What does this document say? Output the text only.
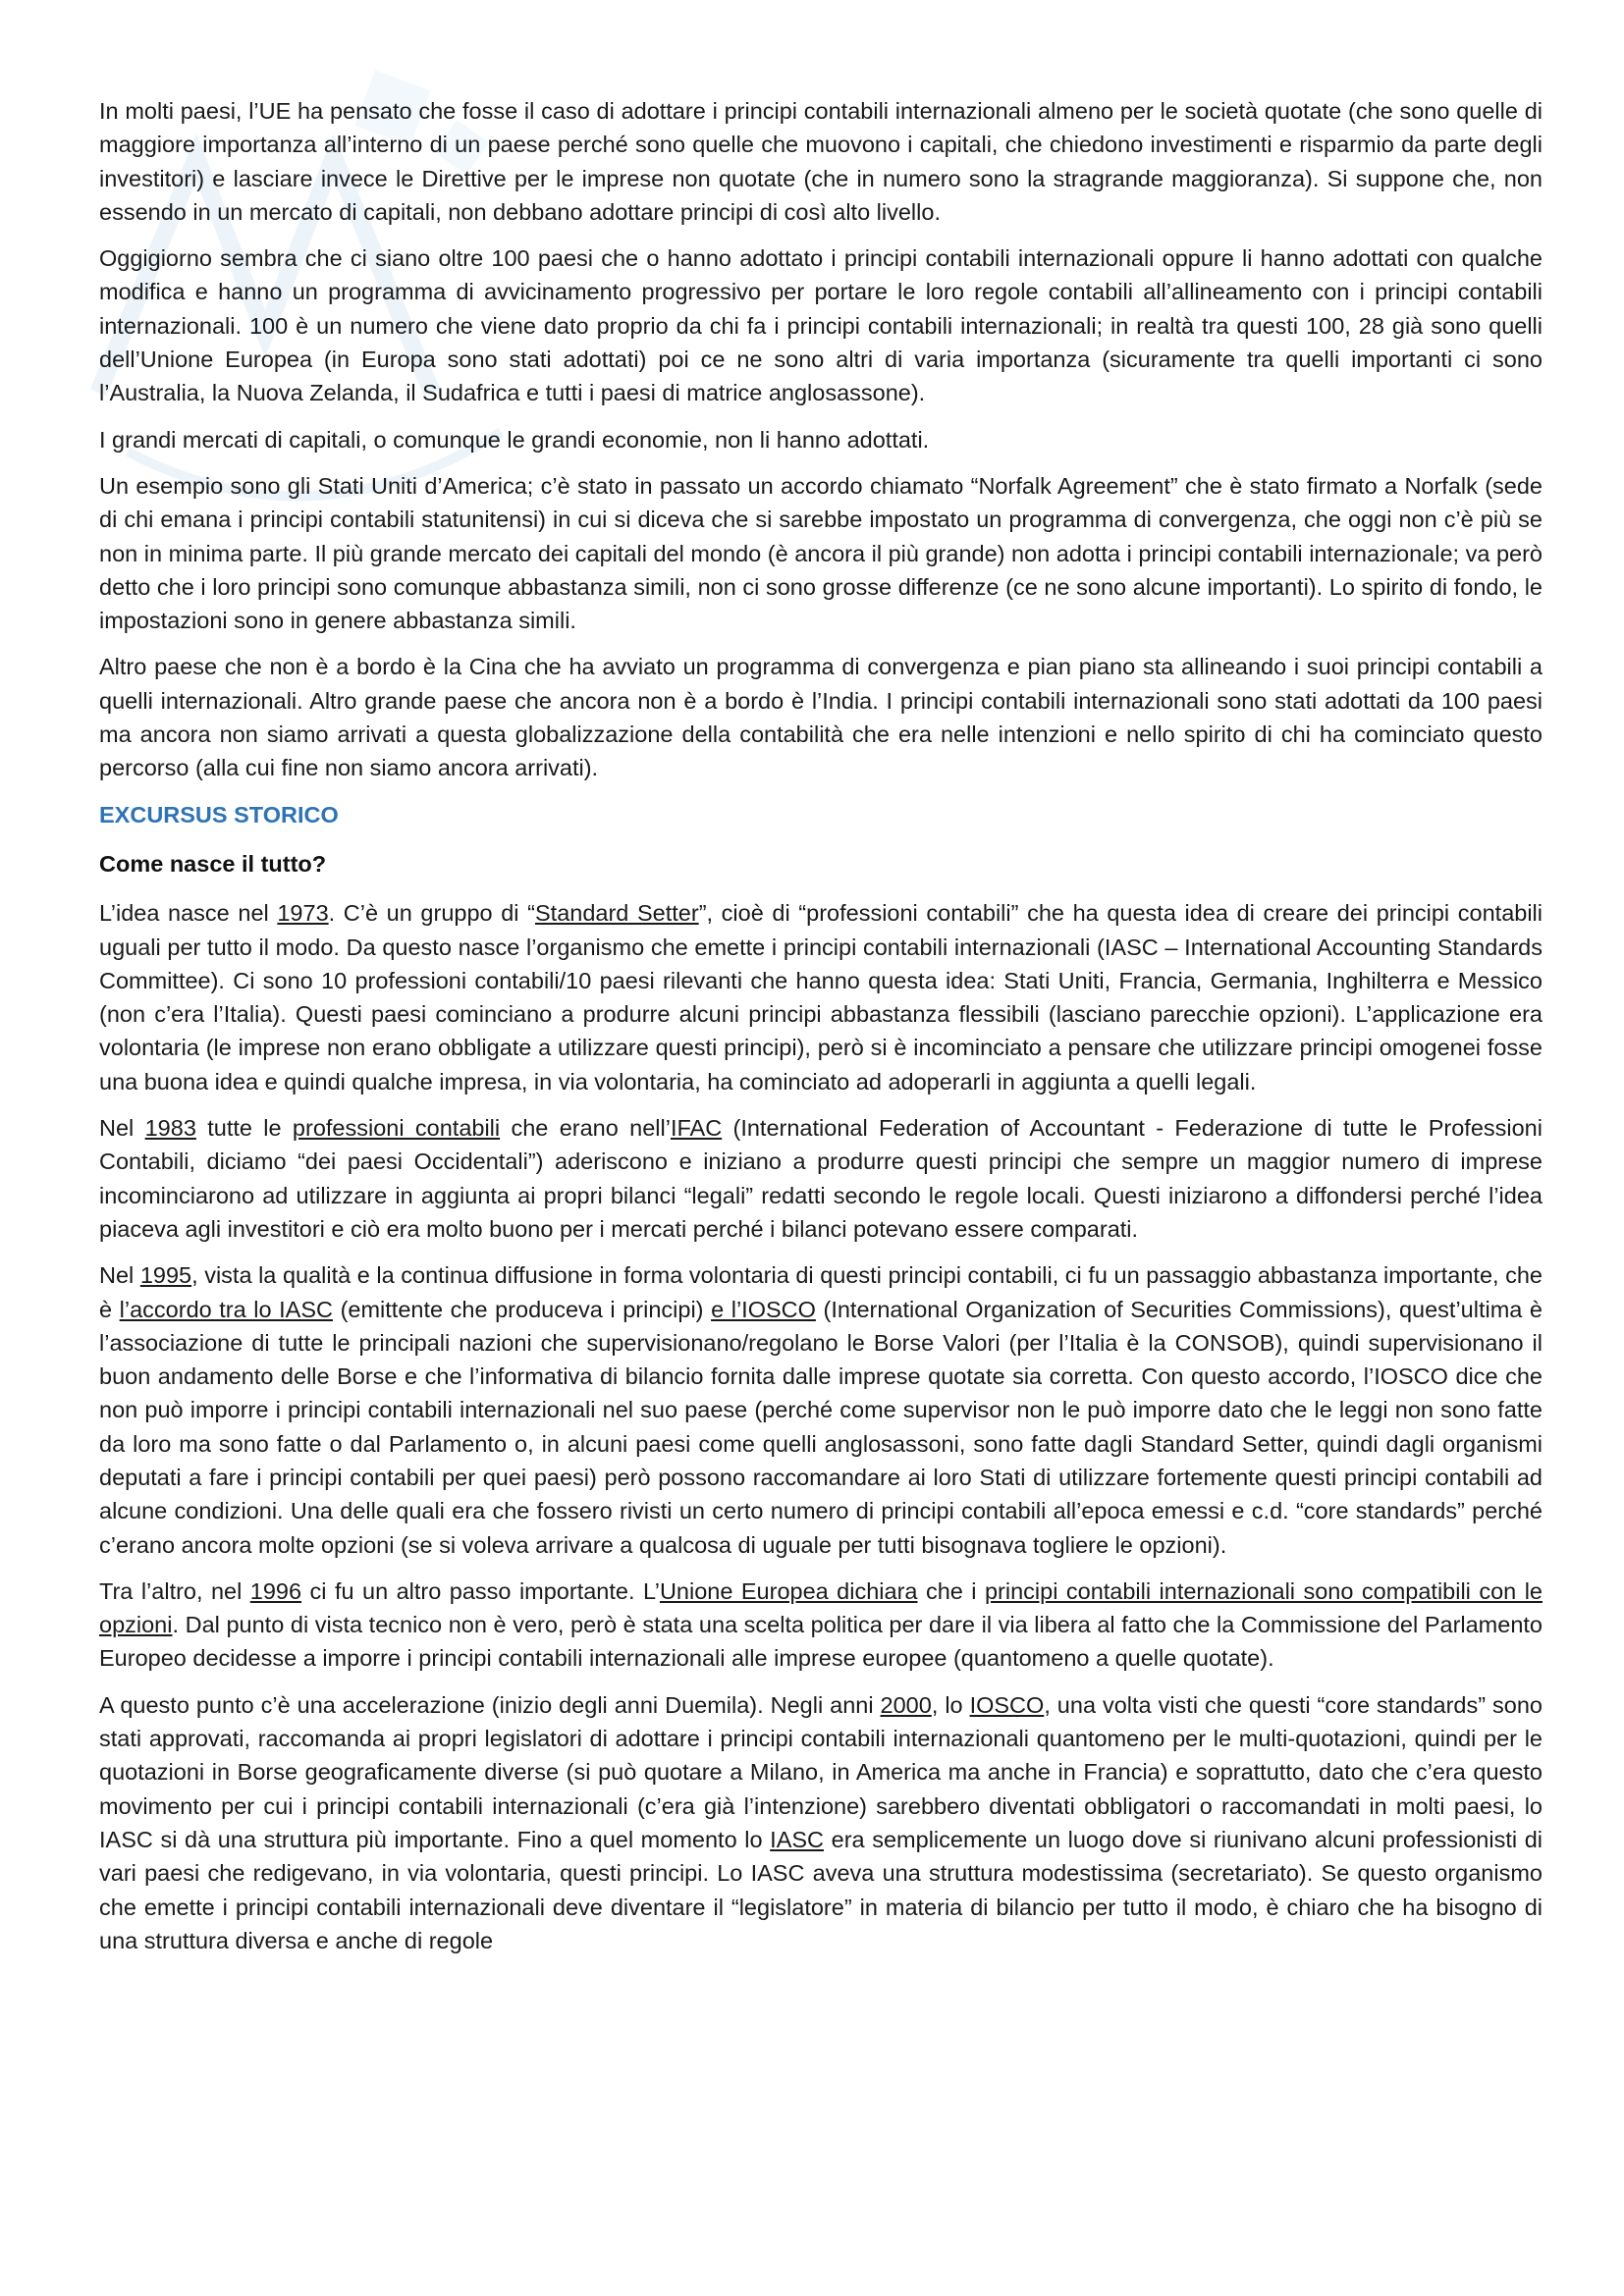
In molti paesi, l’UE ha pensato che fosse il caso di adottare i principi contabili internazionali almeno per le società quotate (che sono quelle di maggiore importanza all’interno di un paese perché sono quelle che muovono i capitali, che chiedono investimenti e risparmio da parte degli investitori) e lasciare invece le Direttive per le imprese non quotate (che in numero sono la stragrande maggioranza). Si suppone che, non essendo in un mercato di capitali, non debbano adottare principi di così alto livello.

Oggigiorno sembra che ci siano oltre 100 paesi che o hanno adottato i principi contabili internazionali oppure li hanno adottati con qualche modifica e hanno un programma di avvicinamento progressivo per portare le loro regole contabili all’allineamento con i principi contabili internazionali. 100 è un numero che viene dato proprio da chi fa i principi contabili internazionali; in realtà tra questi 100, 28 già sono quelli dell’Unione Europea (in Europa sono stati adottati) poi ce ne sono altri di varia importanza (sicuramente tra quelli importanti ci sono l’Australia, la Nuova Zelanda, il Sudafrica e tutti i paesi di matrice anglosassone).

I grandi mercati di capitali, o comunque le grandi economie, non li hanno adottati.

Un esempio sono gli Stati Uniti d’America; c’è stato in passato un accordo chiamato “Norfalk Agreement” che è stato firmato a Norfalk (sede di chi emana i principi contabili statunitensi) in cui si diceva che si sarebbe impostato un programma di convergenza, che oggi non c’è più se non in minima parte. Il più grande mercato dei capitali del mondo (è ancora il più grande) non adotta i principi contabili internazionale; va però detto che i loro principi sono comunque abbastanza simili, non ci sono grosse differenze (ce ne sono alcune importanti). Lo spirito di fondo, le impostazioni sono in genere abbastanza simili.

Altro paese che non è a bordo è la Cina che ha avviato un programma di convergenza e pian piano sta allineando i suoi principi contabili a quelli internazionali. Altro grande paese che ancora non è a bordo è l’India. I principi contabili internazionali sono stati adottati da 100 paesi ma ancora non siamo arrivati a questa globalizzazione della contabilità che era nelle intenzioni e nello spirito di chi ha cominciato questo percorso (alla cui fine non siamo ancora arrivati).

EXCURSUS STORICO

Come nasce il tutto?

L’idea nasce nel 1973. C’è un gruppo di “Standard Setter”, cioè di “professioni contabili” che ha questa idea di creare dei principi contabili uguali per tutto il modo. Da questo nasce l’organismo che emette i principi contabili internazionali (IASC – International Accounting Standards Committee). Ci sono 10 professioni contabili/10 paesi rilevanti che hanno questa idea: Stati Uniti, Francia, Germania, Inghilterra e Messico (non c’era l’Italia). Questi paesi cominciano a produrre alcuni principi abbastanza flessibili (lasciano parecchie opzioni). L’applicazione era volontaria (le imprese non erano obbligate a utilizzare questi principi), però si è incominciato a pensare che utilizzare principi omogenei fosse una buona idea e quindi qualche impresa, in via volontaria, ha cominciato ad adoperarli in aggiunta a quelli legali.

Nel 1983 tutte le professioni contabili che erano nell’IFAC (International Federation of Accountant - Federazione di tutte le Professioni Contabili, diciamo “dei paesi Occidentali”) aderiscono e iniziano a produrre questi principi che sempre un maggior numero di imprese incominciarono ad utilizzare in aggiunta ai propri bilanci “legali” redatti secondo le regole locali. Questi iniziarono a diffondersi perché l’idea piaceva agli investitori e ciò era molto buono per i mercati perché i bilanci potevano essere comparati.

Nel 1995, vista la qualità e la continua diffusione in forma volontaria di questi principi contabili, ci fu un passaggio abbastanza importante, che è l’accordo tra lo IASC (emittente che produceva i principi) e l’IOSCO (International Organization of Securities Commissions), quest’ultima è l’associazione di tutte le principali nazioni che supervisionano/regolano le Borse Valori (per l’Italia è la CONSOB), quindi supervisionano il buon andamento delle Borse e che l’informativa di bilancio fornita dalle imprese quotate sia corretta. Con questo accordo, l’IOSCO dice che non può imporre i principi contabili internazionali nel suo paese (perché come supervisor non le può imporre dato che le leggi non sono fatte da loro ma sono fatte o dal Parlamento o, in alcuni paesi come quelli anglosassoni, sono fatte dagli Standard Setter, quindi dagli organismi deputati a fare i principi contabili per quei paesi) però possono raccomandare ai loro Stati di utilizzare fortemente questi principi contabili ad alcune condizioni. Una delle quali era che fossero rivisti un certo numero di principi contabili all’epoca emessi e c.d. “core standards” perché c’erano ancora molte opzioni (se si voleva arrivare a qualcosa di uguale per tutti bisognava togliere le opzioni).

Tra l’altro, nel 1996 ci fu un altro passo importante. L’Unione Europea dichiara che i principi contabili internazionali sono compatibili con le opzioni. Dal punto di vista tecnico non è vero, però è stata una scelta politica per dare il via libera al fatto che la Commissione del Parlamento Europeo decidesse a imporre i principi contabili internazionali alle imprese europee (quantomeno a quelle quotate).

A questo punto c’è una accelerazione (inizio degli anni Duemila). Negli anni 2000, lo IOSCO, una volta visti che questi “core standards” sono stati approvati, raccomanda ai propri legislatori di adottare i principi contabili internazionali quantomeno per le multi-quotazioni, quindi per le quotazioni in Borse geograficamente diverse (si può quotare a Milano, in America ma anche in Francia) e soprattutto, dato che c’era questo movimento per cui i principi contabili internazionali (c’era già l’intenzione) sarebbero diventati obbligatori o raccomandati in molti paesi, lo IASC si dà una struttura più importante. Fino a quel momento lo IASC era semplicemente un luogo dove si riunivano alcuni professionisti di vari paesi che redigevano, in via volontaria, questi principi. Lo IASC aveva una struttura modestissima (secretariato). Se questo organismo che emette i principi contabili internazionali deve diventare il “legislatore” in materia di bilancio per tutto il modo, è chiaro che ha bisogno di una struttura diversa e anche di regole
